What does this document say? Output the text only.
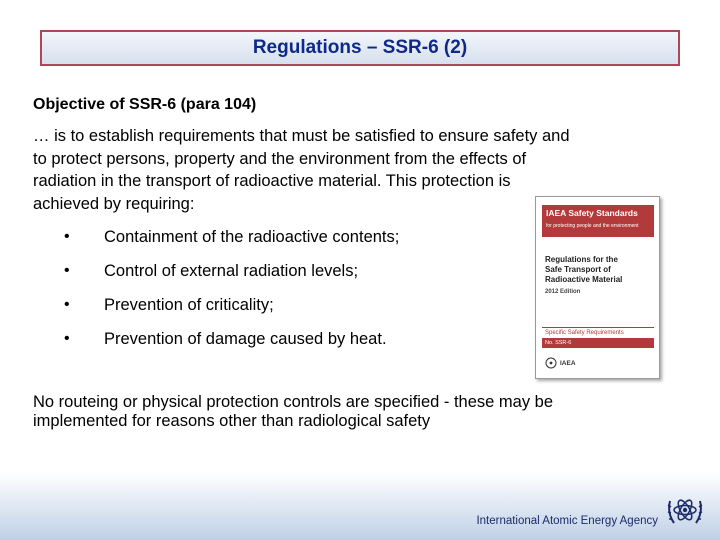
Regulations – SSR-6 (2)
Objective of SSR-6 (para 104)
… is to establish requirements that must be satisfied to ensure safety and
to protect persons, property and the environment from the effects of
radiation in the transport of radioactive material. This protection is
achieved by requiring:
•	Containment of the radioactive contents;
•	Control of external radiation levels;
•	Prevention of criticality;
•	Prevention of damage caused by heat.
IAEA Safety Standards
for protecting people and the environment
Regulations for the
Safe Transport of
Radioactive Material
2012 Edition
Specific Safety Requirements
No. SSR-6
IAEA
No routeing or physical protection controls are specified - these may be
implemented for reasons other than radiological safety
International Atomic Energy Agency
